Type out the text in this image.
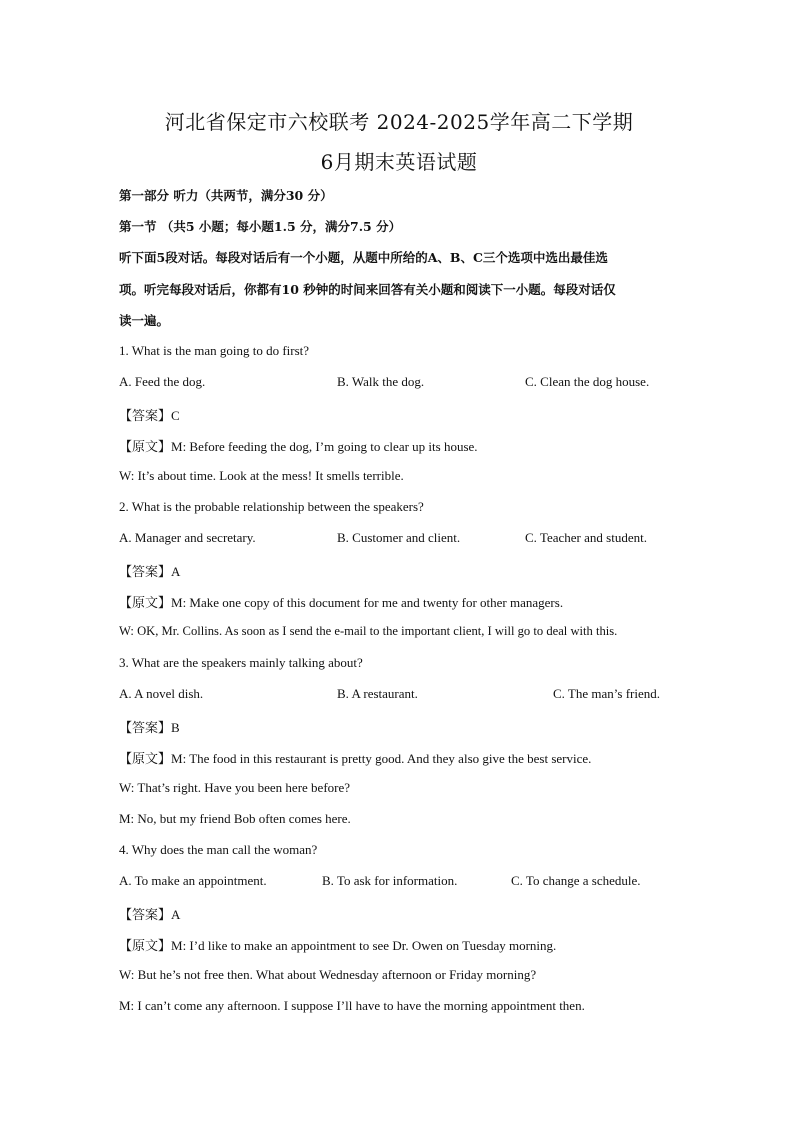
河北省保定市六校联考 2024-2025学年高二下学期
6月期末英语试题
第一部分 听力（共两节，满分30 分）
第一节 （共5 小题；每小题1.5 分，满分7.5 分）
听下面5段对话。每段对话后有一个小题，从题中所给的A、B、C三个选项中选出最佳选
项。听完每段对话后，你都有10 秒钟的时间来回答有关小题和阅读下一小题。每段对话仅
读一遍。
1. What is the man going to do first?
A. Feed the dog.	B. Walk the dog.	C. Clean the dog house.
【答案】C
【原文】M: Before feeding the dog, I’m going to clear up its house.
W: It’s about time. Look at the mess! It smells terrible.
2. What is the probable relationship between the speakers?
A. Manager and secretary.	B. Customer and client.	C. Teacher and student.
【答案】A
【原文】M: Make one copy of this document for me and twenty for other managers.
W: OK, Mr. Collins. As soon as I send the e-mail to the important client, I will go to deal with this.
3. What are the speakers mainly talking about?
A. A novel dish.	B. A restaurant.	C. The man’s friend.
【答案】B
【原文】M: The food in this restaurant is pretty good. And they also give the best service.
W: That’s right. Have you been here before?
M: No, but my friend Bob often comes here.
4. Why does the man call the woman?
A. To make an appointment.	B. To ask for information.	C. To change a schedule.
【答案】A
【原文】M: I’d like to make an appointment to see Dr. Owen on Tuesday morning.
W: But he’s not free then. What about Wednesday afternoon or Friday morning?
M: I can’t come any afternoon. I suppose I’ll have to have the morning appointment then.
